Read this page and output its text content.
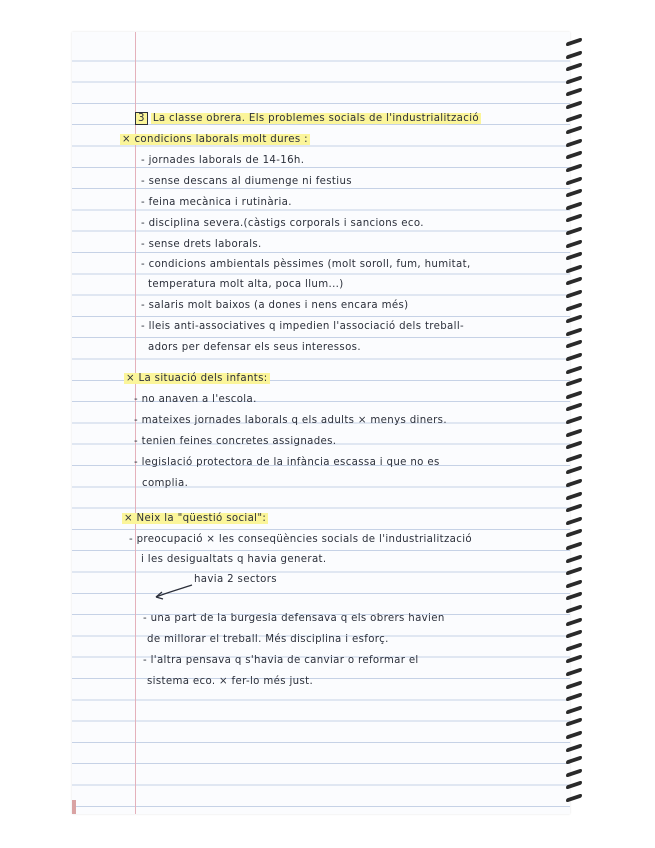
3 La classe obrera. Els problemes socials de l'industrialització

× condicions laborals molt dures :

- jornades laborals de 14-16h.

- sense descans al diumenge ni festius

- feina mecànica i rutinària.

- disciplina severa.(càstigs corporals i sancions eco.

- sense drets laborals.

- condicions ambientals pèssimes (molt soroll, fum, humitat,

temperatura molt alta, poca llum...)

- salaris molt baixos (a dones i nens encara més)

- lleis anti-associatives q impedien l'associació dels treball-

adors per defensar els seus interessos.

× La situació dels infants:

- no anaven a l'escola.

- mateixes jornades laborals q els adults × menys diners.

- tenien feines concretes assignades.

- legislació protectora de la infància escassa i que no es

complia.

× Neix la "qüestió social":

- preocupació × les conseqüències socials de l'industrialització

i les desigualtats q havia generat.

havia 2 sectors

- una part de la burgesia defensava q els obrers havien

de millorar el treball. Més disciplina i esforç.

- l'altra pensava q s'havia de canviar o reformar el

sistema eco. × fer-lo més just.
